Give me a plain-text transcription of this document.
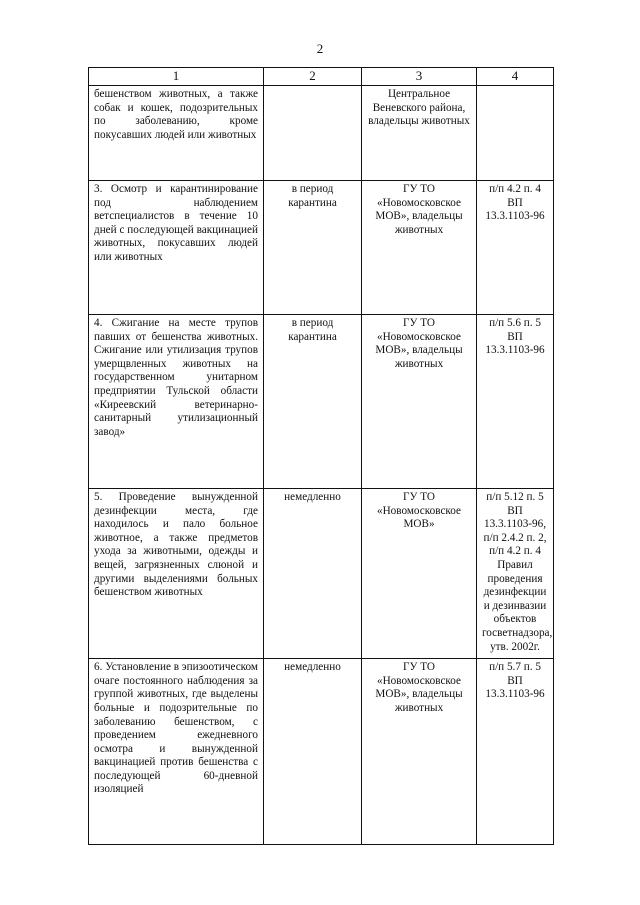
2
1	2	3	4
бешенством животных, а также собак и кошек, подозрительных по заболеванию, кроме покусавших людей или животных		Центральное Веневского района, владельцы животных	
3. Осмотр и карантинирование под наблюдением ветспециалистов в течение 10 дней с последующей вакцинацией животных, покусавших людей или животных	в период карантина	ГУ ТО «Новомосковское МОВ», владельцы животных	п/п 4.2 п. 4 ВП 13.3.1103-96
4. Сжигание на месте трупов павших от бешенства животных. Сжигание или утилизация трупов умерщвленных животных на государственном унитарном предприятии Тульской области «Киреевский ветеринарно-санитарный утилизационный завод»	в период карантина	ГУ ТО «Новомосковское МОВ», владельцы животных	п/п 5.6 п. 5 ВП 13.3.1103-96
5. Проведение вынужденной дезинфекции места, где находилось и пало больное животное, а также предметов ухода за животными, одежды и вещей, загрязненных слюной и другими выделениями больных бешенством животных	немедленно	ГУ ТО «Новомосковское МОВ»	п/п 5.12 п. 5 ВП 13.3.1103-96, п/п 2.4.2 п. 2, п/п 4.2 п. 4 Правил проведения дезинфекции и дезинвазии объектов госветнадзора, утв. 2002г.
6. Установление в эпизоотическом очаге постоянного наблюдения за группой животных, где выделены больные и подозрительные по заболеванию бешенством, с проведением ежедневного осмотра и вынужденной вакцинацией против бешенства с последующей 60-дневной изоляцией	немедленно	ГУ ТО «Новомосковское МОВ», владельцы животных	п/п 5.7 п. 5 ВП 13.3.1103-96
